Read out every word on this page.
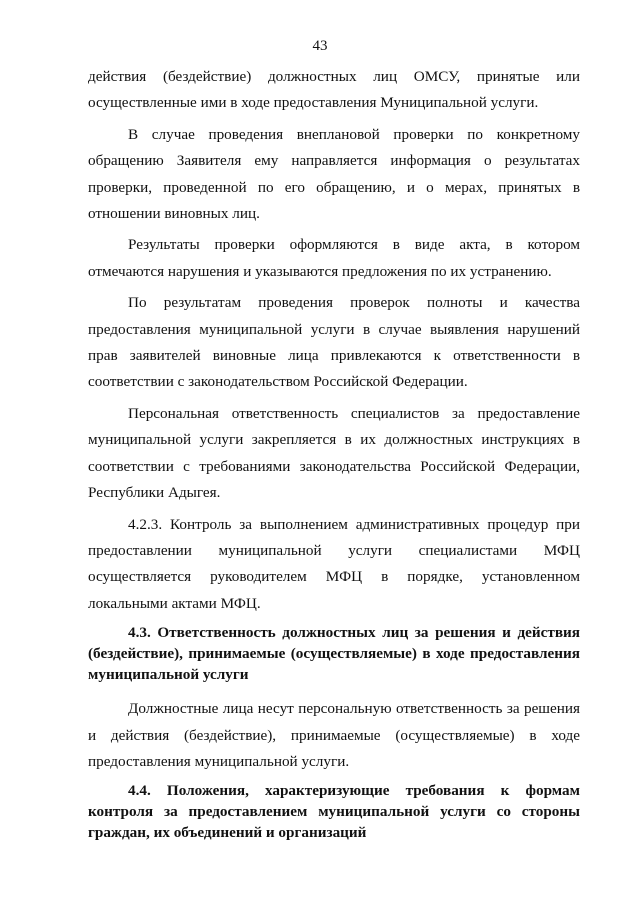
43

действия (бездействие) должностных лиц ОМСУ, принятые или осуществленные ими в ходе предоставления Муниципальной услуги.

В случае проведения внеплановой проверки по конкретному обращению Заявителя ему направляется информация о результатах проверки, проведенной по его обращению, и о мерах, принятых в отношении виновных лиц.

Результаты проверки оформляются в виде акта, в котором отмечаются нарушения и указываются предложения по их устранению.

По результатам проведения проверок полноты и качества предоставления муниципальной услуги в случае выявления нарушений прав заявителей виновные лица привлекаются к ответственности в соответствии с законодательством Российской Федерации.

Персональная ответственность специалистов за предоставление муниципальной услуги закрепляется в их должностных инструкциях в соответствии с требованиями законодательства Российской Федерации, Республики Адыгея.

4.2.3. Контроль за выполнением административных процедур при предоставлении муниципальной услуги специалистами МФЦ осуществляется руководителем МФЦ в порядке, установленном локальными актами МФЦ.

4.3. Ответственность должностных лиц за решения и действия (бездействие), принимаемые (осуществляемые) в ходе предоставления муниципальной услуги

Должностные лица несут персональную ответственность за решения и действия (бездействие), принимаемые (осуществляемые) в ходе предоставления муниципальной услуги.

4.4. Положения, характеризующие требования к формам контроля за предоставлением муниципальной услуги со стороны граждан, их объединений и организаций
